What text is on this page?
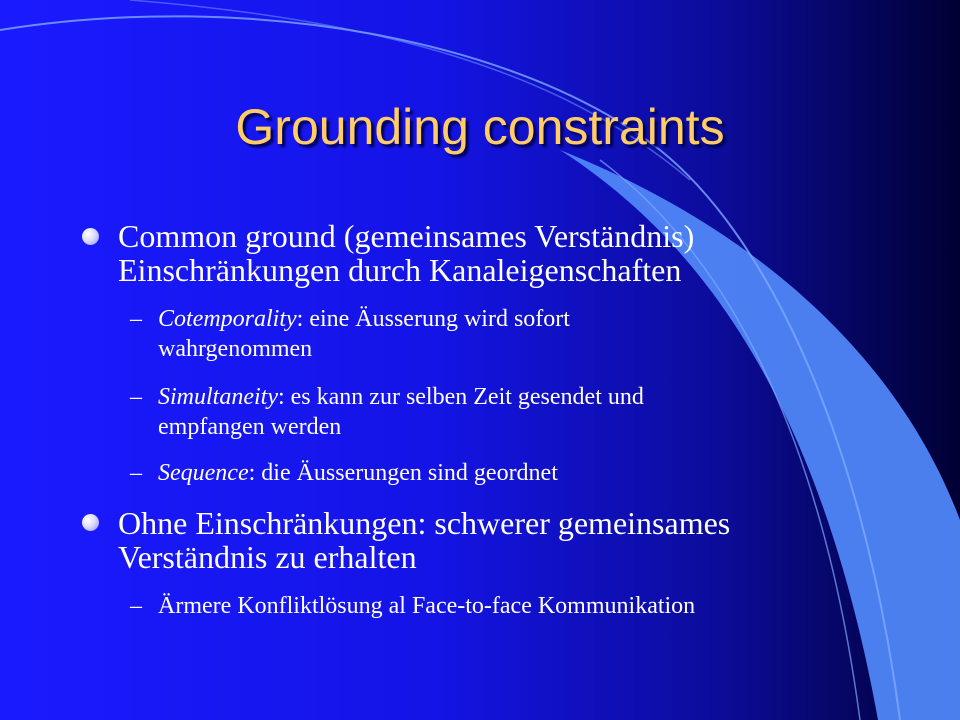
Grounding constraints
Common ground (gemeinsames Verständnis)
Einschränkungen durch Kanaleigenschaften
– Cotemporality: eine Äusserung wird sofort
wahrgenommen
– Simultaneity: es kann zur selben Zeit gesendet und
empfangen werden
– Sequence: die Äusserungen sind geordnet
Ohne Einschränkungen: schwerer gemeinsames
Verständnis zu erhalten
– Ärmere Konfliktlösung al Face-to-face Kommunikation
